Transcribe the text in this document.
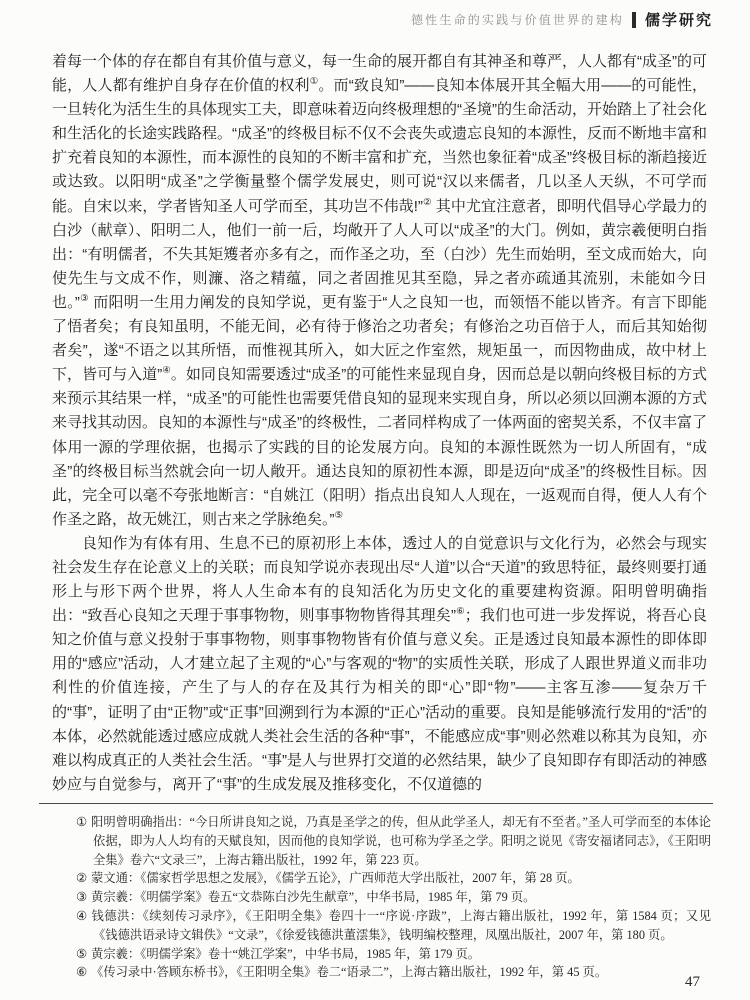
德性生命的实践与价值世界的建构 儒学研究

着每一个体的存在都自有其价值与意义，每一生命的展开都自有其神圣和尊严，人人都有“成圣”的可能，人人都有维护自身存在价值的权利①。而“致良知”——良知本体展开其全幅大用——的可能性，一旦转化为活生生的具体现实工夫，即意味着迈向终极理想的“圣境”的生命活动，开始踏上了社会化和生活化的长途实践路程。“成圣”的终极目标不仅不会丧失或遗忘良知的本源性，反而不断地丰富和扩充着良知的本源性，而本源性的良知的不断丰富和扩充，当然也象征着“成圣”终极目标的渐趋接近或达致。以阳明“成圣”之学衡量整个儒学发展史，则可说“汉以来儒者，几以圣人天纵，不可学而能。自宋以来，学者皆知圣人可学而至，其功岂不伟哉!”② 其中尤宜注意者，即明代倡导心学最力的白沙（献章）、阳明二人，他们一前一后，均敞开了人人可以“成圣”的大门。例如，黄宗羲便明白指出：“有明儒者，不失其矩矱者亦多有之，而作圣之功，至（白沙）先生而始明，至文成而始大，向使先生与文成不作，则濂、洛之精蕴，同之者固推见其至隐，异之者亦疏通其流别，未能如今日也。”③ 而阳明一生用力阐发的良知学说，更有鉴于“人之良知一也，而领悟不能以皆齐。有言下即能了悟者矣；有良知虽明，不能无间，必有待于修治之功者矣；有修治之功百倍于人，而后其知始彻者矣”，遂“不语之以其所悟，而惟视其所入，如大匠之作室然，规矩虽一，而因物曲成，故中材上下，皆可与入道”④。如同良知需要透过“成圣”的可能性来显现自身，因而总是以朝向终极目标的方式来预示其结果一样，“成圣”的可能性也需要凭借良知的显现来实现自身，所以必须以回溯本源的方式来寻找其动因。良知的本源性与“成圣”的终极性，二者同样构成了一体两面的密契关系，不仅丰富了体用一源的学理依据，也揭示了实践的目的论发展方向。良知的本源性既然为一切人所固有，“成圣”的终极目标当然就会向一切人敞开。通达良知的原初性本源，即是迈向“成圣”的终极性目标。因此，完全可以毫不夸张地断言：“自姚江（阳明）指点出良知人人现在，一返观而自得，便人人有个作圣之路，故无姚江，则古来之学脉绝矣。”⑤

良知作为有体有用、生息不已的原初形上本体，透过人的自觉意识与文化行为，必然会与现实社会发生存在论意义上的关联；而良知学说亦表现出尽“人道”以合“天道”的致思特征，最终则要打通形上与形下两个世界，将人人生命本有的良知活化为历史文化的重要建构资源。阳明曾明确指出：“致吾心良知之天理于事事物物，则事事物物皆得其理矣”⑥；我们也可进一步发挥说，将吾心良知之价值与意义投射于事事物物，则事事物物皆有价值与意义矣。正是透过良知最本源性的即体即用的“感应”活动，人才建立起了主观的“心”与客观的“物”的实质性关联，形成了人跟世界道义而非功利性的价值连接，产生了与人的存在及其行为相关的即“心”即“物”——主客互渗——复杂万千的“事”，证明了由“正物”或“正事”回溯到行为本源的“正心”活动的重要。良知是能够流行发用的“活”的本体，必然就能透过感应成就人类社会生活的各种“事”，不能感应成“事”则必然难以称其为良知，亦难以构成真正的人类社会生活。“事”是人与世界打交道的必然结果，缺少了良知即存有即活动的神感妙应与自觉参与，离开了“事”的生成发展及推移变化，不仅道德的

① 阳明曾明确指出：“今日所讲良知之说，乃真是圣学之的传，但从此学圣人，却无有不至者。”圣人可学而至的本体论依据，即为人人均有的天赋良知，因而他的良知学说，也可称为学圣之学。阳明之说见《寄安福诸同志》，《王阳明全集》卷六“文录三”，上海古籍出版社，1992 年，第 223 页。

② 蒙文通：《儒家哲学思想之发展》，《儒学五论》，广西师范大学出版社，2007 年，第 28 页。

③ 黄宗羲：《明儒学案》卷五“文恭陈白沙先生献章”，中华书局，1985 年，第 79 页。

④ 钱德洪：《续刻传习录序》，《王阳明全集》卷四十一“序说·序跋”，上海古籍出版社，1992 年，第 1584 页；又见《钱德洪语录诗文辑佚》“文录”，《徐爱钱德洪董澐集》，钱明编校整理，凤凰出版社，2007 年，第 180 页。

⑤ 黄宗羲：《明儒学案》卷十“姚江学案”，中华书局，1985 年，第 179 页。

⑥ 《传习录中·答顾东桥书》，《王阳明全集》卷二“语录二”，上海古籍出版社，1992 年，第 45 页。

47
